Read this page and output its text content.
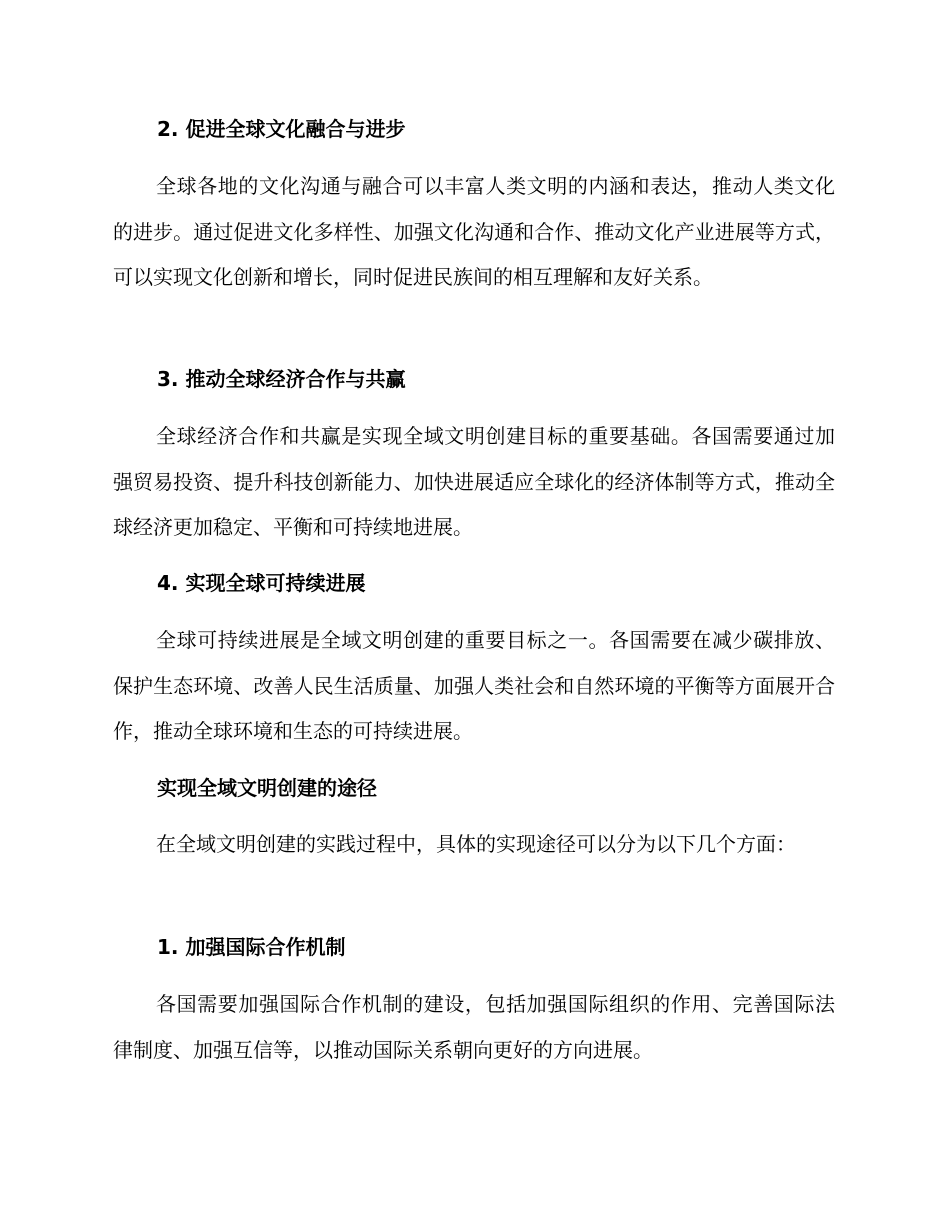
2. 促进全球文化融合与进步

全球各地的文化沟通与融合可以丰富人类文明的内涵和表达，推动人类文化的进步。通过促进文化多样性、加强文化沟通和合作、推动文化产业进展等方式，可以实现文化创新和增长，同时促进民族间的相互理解和友好关系。

3. 推动全球经济合作与共赢

全球经济合作和共赢是实现全域文明创建目标的重要基础。各国需要通过加强贸易投资、提升科技创新能力、加快进展适应全球化的经济体制等方式，推动全球经济更加稳定、平衡和可持续地进展。

4. 实现全球可持续进展

全球可持续进展是全域文明创建的重要目标之一。各国需要在减少碳排放、保护生态环境、改善人民生活质量、加强人类社会和自然环境的平衡等方面展开合作，推动全球环境和生态的可持续进展。

实现全域文明创建的途径

在全域文明创建的实践过程中，具体的实现途径可以分为以下几个方面：

1. 加强国际合作机制

各国需要加强国际合作机制的建设，包括加强国际组织的作用、完善国际法律制度、加强互信等，以推动国际关系朝向更好的方向进展。
